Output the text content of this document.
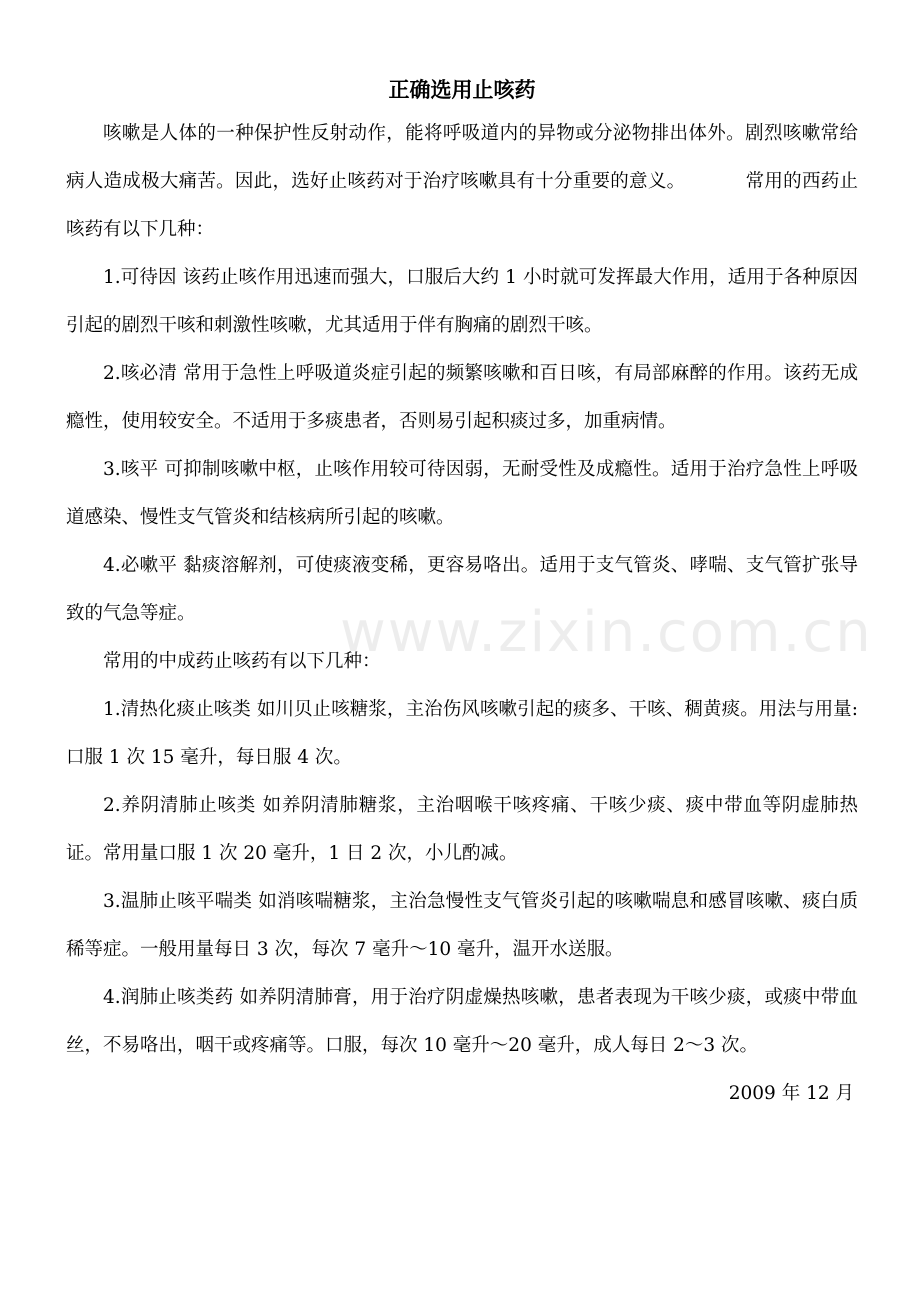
正确选用止咳药

咳嗽是人体的一种保护性反射动作，能将呼吸道内的异物或分泌物排出体外。剧烈咳嗽常给病人造成极大痛苦。因此，选好止咳药对于治疗咳嗽具有十分重要的意义。	常用的西药止咳药有以下几种：

1.可待因 该药止咳作用迅速而强大，口服后大约 1 小时就可发挥最大作用，适用于各种原因引起的剧烈干咳和刺激性咳嗽，尤其适用于伴有胸痛的剧烈干咳。

2.咳必清 常用于急性上呼吸道炎症引起的频繁咳嗽和百日咳，有局部麻醉的作用。该药无成瘾性，使用较安全。不适用于多痰患者，否则易引起积痰过多，加重病情。

3.咳平 可抑制咳嗽中枢，止咳作用较可待因弱，无耐受性及成瘾性。适用于治疗急性上呼吸道感染、慢性支气管炎和结核病所引起的咳嗽。

4.必嗽平 黏痰溶解剂，可使痰液变稀，更容易咯出。适用于支气管炎、哮喘、支气管扩张导致的气急等症。

常用的中成药止咳药有以下几种：

1.清热化痰止咳类 如川贝止咳糖浆，主治伤风咳嗽引起的痰多、干咳、稠黄痰。用法与用量:口服 1 次 15 毫升，每日服 4 次。

2.养阴清肺止咳类 如养阴清肺糖浆，主治咽喉干咳疼痛、干咳少痰、痰中带血等阴虚肺热证。常用量口服 1 次 20 毫升，1 日 2 次，小儿酌减。

3.温肺止咳平喘类 如消咳喘糖浆，主治急慢性支气管炎引起的咳嗽喘息和感冒咳嗽、痰白质稀等症。一般用量每日 3 次，每次 7 毫升～10 毫升，温开水送服。

4.润肺止咳类药 如养阴清肺膏，用于治疗阴虚燥热咳嗽，患者表现为干咳少痰，或痰中带血丝，不易咯出，咽干或疼痛等。口服，每次 10 毫升～20 毫升，成人每日 2～3 次。

2009 年 12 月

www.zixin.com.cn
